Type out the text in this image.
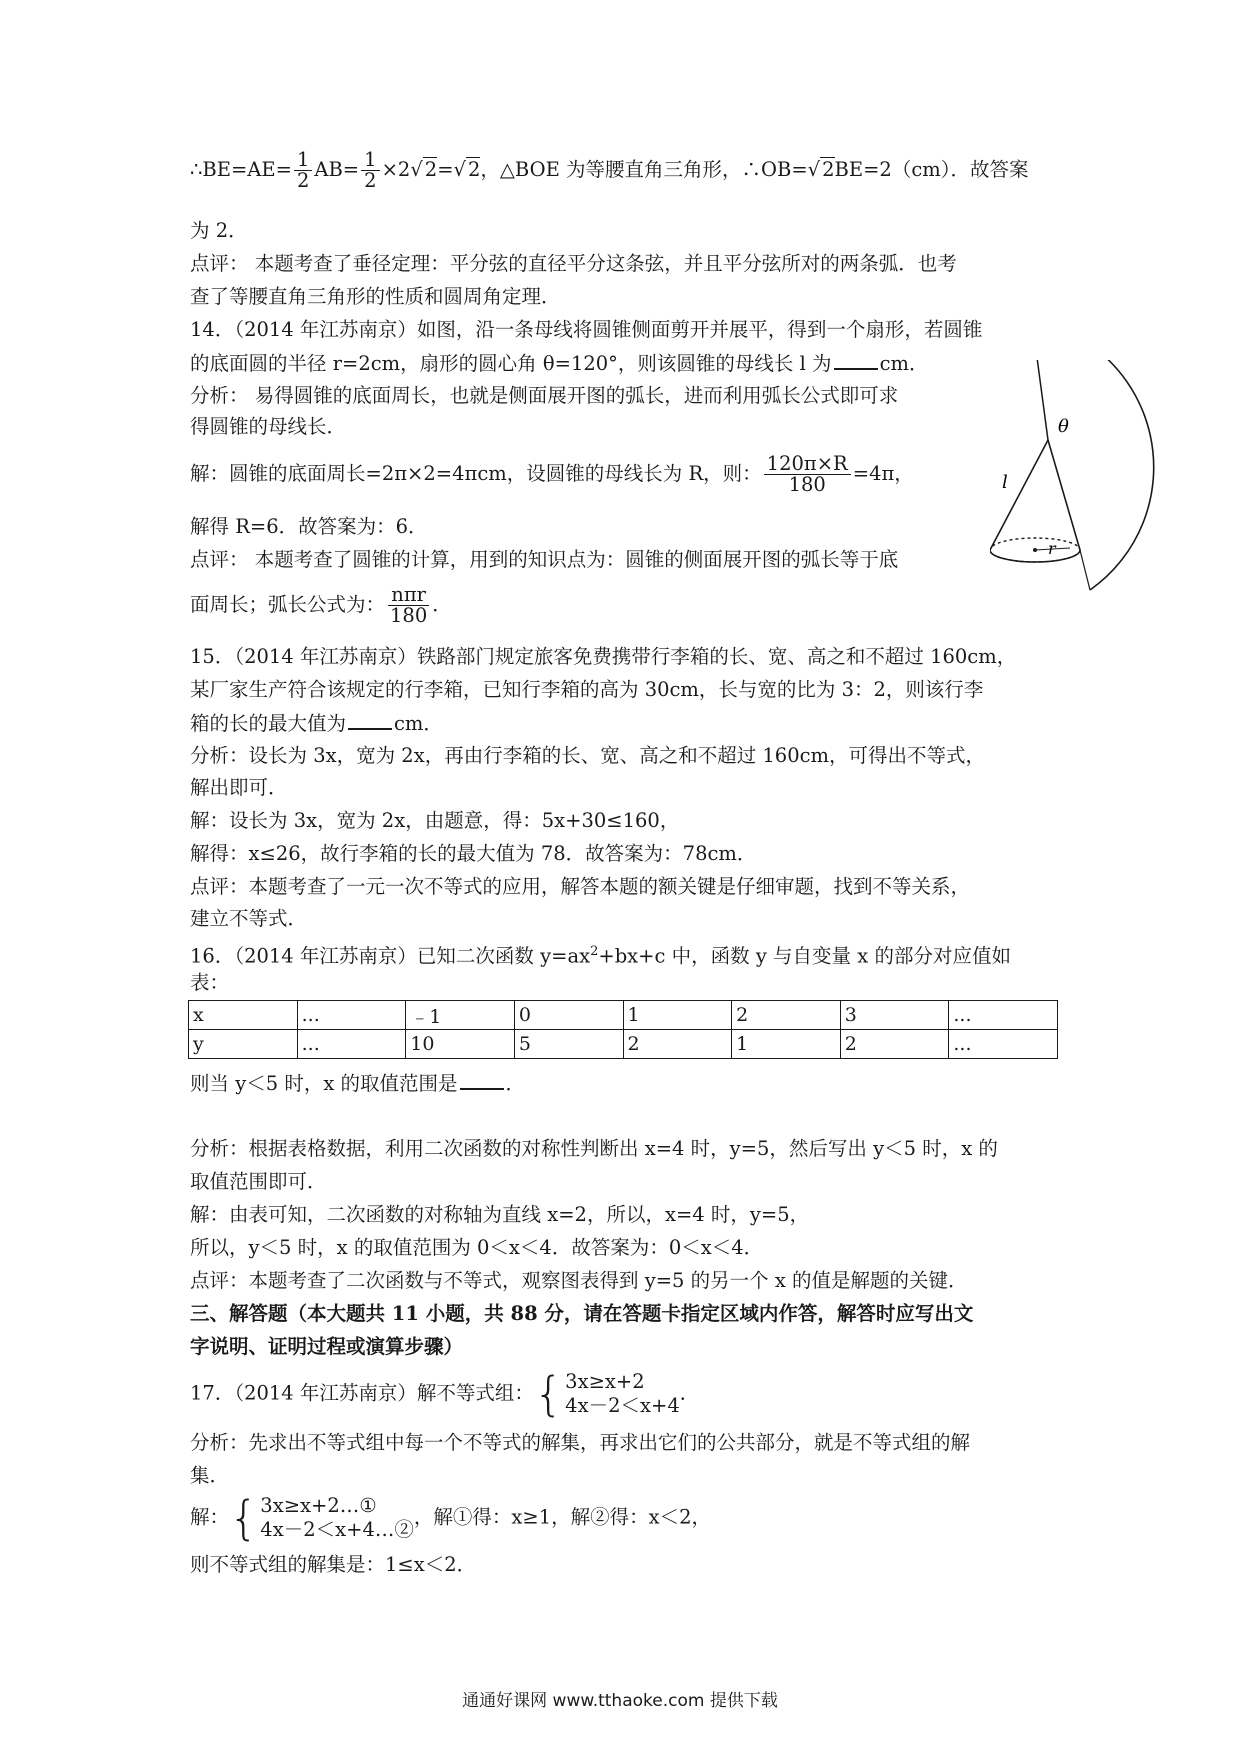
∴BE=AE= $\frac{1}{2} AB= \frac{1}{2} \times 2√$ 2=√ 2，△BOE 为等腰直角三角形，∴OB=√ 2BE=2（cm）．故答案
为 2．
点评： 本题考查了垂径定理：平分弦的直径平分这条弦，并且平分弦所对的两条弧．也考
查了等腰直角三角形的性质和圆周角定理．
14．（2014 年江苏南京）如图，沿一条母线将圆锥侧面剪开并展平，得到一个扇形，若圆锥
的底面圆的半径 r=2cm，扇形的圆心角 θ=120°，则该圆锥的母线长 l 为 cm．
分析： 易得圆锥的底面周长，也就是侧面展开图的弧长，进而利用弧长公式即可求
得圆锥的母线长．
解：圆锥的底面周长=2π×2=4πcm，设圆锥的母线长为 R，则： $\frac{120\pi\times R}{180} =4\pi$，
解得 R=6．故答案为：6．
点评： 本题考查了圆锥的计算，用到的知识点为：圆锥的侧面展开图的弧长等于底
面周长；弧长公式为： $\frac{\text{nπr}}{180}$ ．
15．（2014 年江苏南京）铁路部门规定旅客免费携带行李箱的长、宽、高之和不超过 160cm，
某厂家生产符合该规定的行李箱，已知行李箱的高为 30cm，长与宽的比为 3：2，则该行李
箱的长的最大值为 cm．
分析：设长为 3x，宽为 2x，再由行李箱的长、宽、高之和不超过 160cm，可得出不等式，
解出即可．
解：设长为 3x，宽为 2x，由题意，得：5x+30≤160，
解得：x≤26，故行李箱的长的最大值为 78．故答案为：78cm．
点评：本题考查了一元一次不等式的应用，解答本题的额关键是仔细审题，找到不等关系，
建立不等式．
16．（2014 年江苏南京）已知二次函数 $y=ax^2+bx+c$ 中，函数 y 与自变量 x 的部分对应值如
表：
x	...	﹣1	0	1	2	3	...
y	...	10	5	2	1	2	...
则当 y＜5 时，x 的取值范围是 ．
分析：根据表格数据，利用二次函数的对称性判断出 x=4 时，y=5，然后写出 y＜5 时，x 的
取值范围即可．
解：由表可知，二次函数的对称轴为直线 x=2，所以，x=4 时，y=5，
所以，y＜5 时，x 的取值范围为 0＜x＜4．故答案为：0＜x＜4．
点评：本题考查了二次函数与不等式，观察图表得到 y=5 的另一个 x 的值是解题的关键．
三、解答题（本大题共 11 小题，共 88 分，请在答题卡指定区域内作答，解答时应写出文
字说明、证明过程或演算步骤）
17．（2014 年江苏南京）解不等式组： { 3x≥x+2
4x－2＜x+4
．
分析：先求出不等式组中每一个不等式的解集，再求出它们的公共部分，就是不等式组的解
集．
解： { 3x≥x+2…①
4x－2＜x+4…②
，解①得：x≥1，解②得：x＜2，
则不等式组的解集是：1≤x＜2．
θ
l
r
通通好课网 www.tthaoke.com 提供下载
